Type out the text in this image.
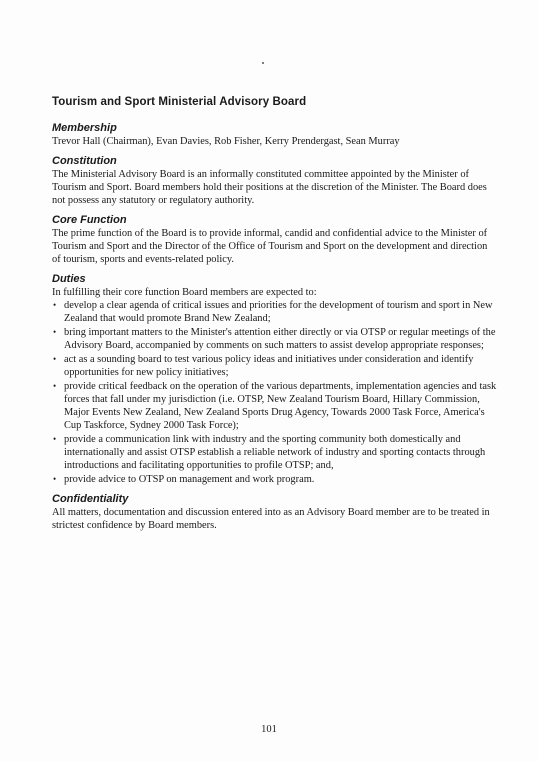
Tourism and Sport Ministerial Advisory Board
Membership

Trevor Hall (Chairman), Evan Davies, Rob Fisher, Kerry Prendergast, Sean Murray

Constitution

The Ministerial Advisory Board is an informally constituted committee appointed by the Minister of Tourism and Sport. Board members hold their positions at the discretion of the Minister. The Board does not possess any statutory or regulatory authority.

Core Function

The prime function of the Board is to provide informal, candid and confidential advice to the Minister of Tourism and Sport and the Director of the Office of Tourism and Sport on the development and direction of tourism, sports and events-related policy.

Duties

In fulfilling their core function Board members are expected to:

• develop a clear agenda of critical issues and priorities for the development of tourism and sport in New Zealand that would promote Brand New Zealand;
• bring important matters to the Minister's attention either directly or via OTSP or regular meetings of the Advisory Board, accompanied by comments on such matters to assist develop appropriate responses;
• act as a sounding board to test various policy ideas and initiatives under consideration and identify opportunities for new policy initiatives;
• provide critical feedback on the operation of the various departments, implementation agencies and task forces that fall under my jurisdiction (i.e. OTSP, New Zealand Tourism Board, Hillary Commission, Major Events New Zealand, New Zealand Sports Drug Agency, Towards 2000 Task Force, America's Cup Taskforce, Sydney 2000 Task Force);
• provide a communication link with industry and the sporting community both domestically and internationally and assist OTSP establish a reliable network of industry and sporting contacts through introductions and facilitating opportunities to profile OTSP; and,
• provide advice to OTSP on management and work program.
Confidentiality

All matters, documentation and discussion entered into as an Advisory Board member are to be treated in strictest confidence by Board members.

101
